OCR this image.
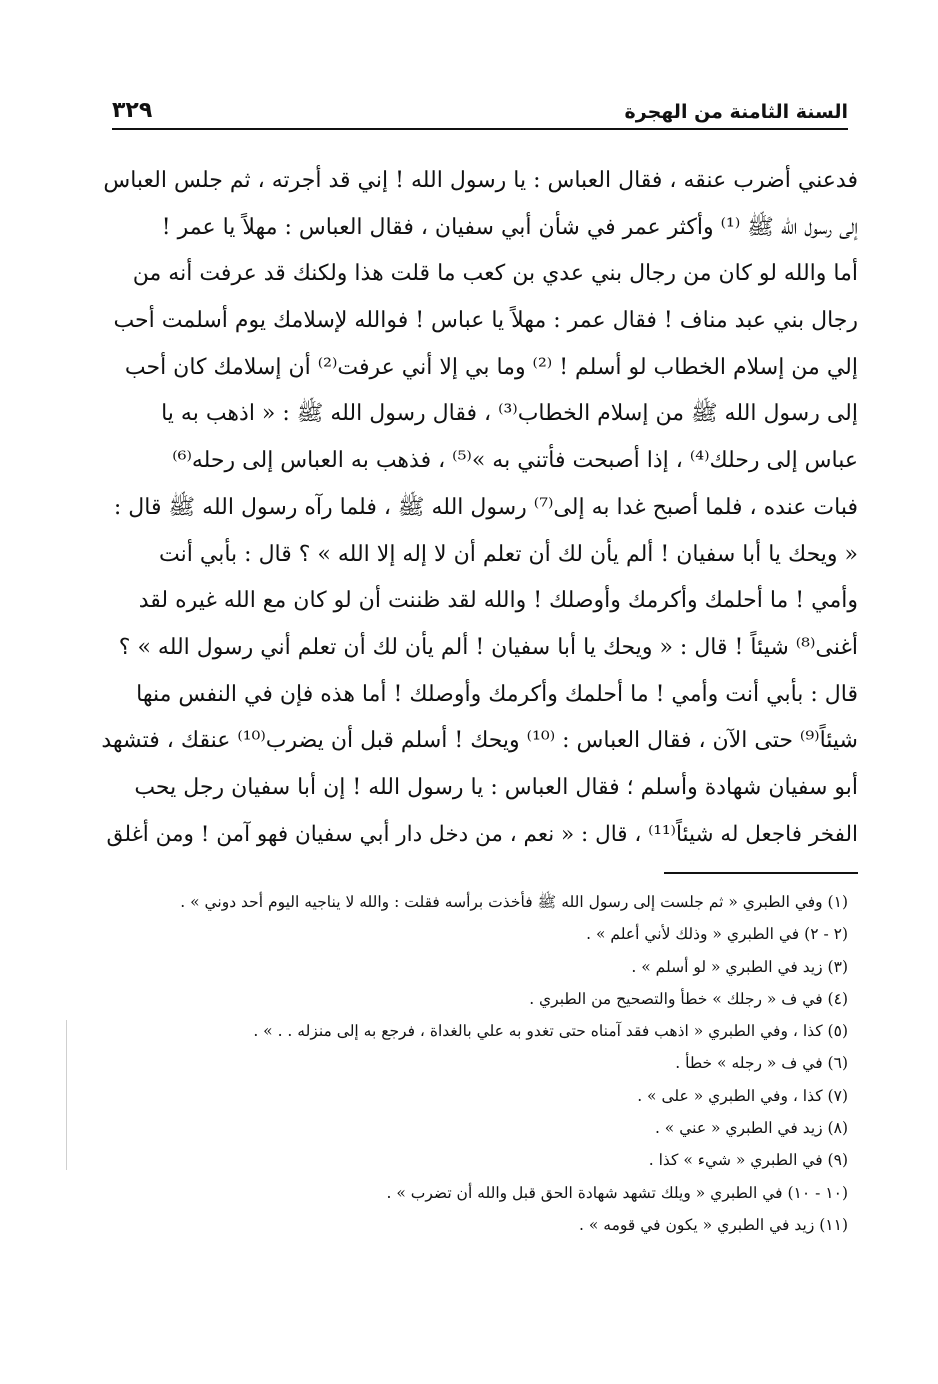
السنة الثامنة من الهجرة
٣٢٩
فدعني أضرب عنقه ، فقال العباس : يا رسول الله ! إني قد أجرته ، ثم جلس العباس
إلى رسول الله ﷺ ⁽¹⁾ وأكثر عمر في شأن أبي سفيان ، فقال العباس : مهلاً يا عمر !
أما والله لو كان من رجال بني عدي بن كعب ما قلت هذا ولكنك قد عرفت أنه من
رجال بني عبد مناف ! فقال عمر : مهلاً يا عباس ! فوالله لإسلامك يوم أسلمت أحب
إلي من إسلام الخطاب لو أسلم ! ⁽²⁾ وما بي إلا أني عرفت⁽²⁾ أن إسلامك كان أحب
إلى رسول الله ﷺ من إسلام الخطاب⁽³⁾ ، فقال رسول الله ﷺ : « اذهب به يا
عباس إلى رحلك⁽⁴⁾ ، إذا أصبحت فأتني به »⁽⁵⁾ ، فذهب به العباس إلى رحله⁽⁶⁾
فبات عنده ، فلما أصبح غدا به إلى⁽⁷⁾ رسول الله ﷺ ، فلما رآه رسول الله ﷺ قال :
« ويحك يا أبا سفيان ! ألم يأن لك أن تعلم أن لا إله إلا الله » ؟ قال : بأبي أنت
وأمي ! ما أحلمك وأكرمك وأوصلك ! والله لقد ظننت أن لو كان مع الله غيره لقد
أغنى⁽⁸⁾ شيئاً ! قال : « ويحك يا أبا سفيان ! ألم يأن لك أن تعلم أني رسول الله » ؟
قال : بأبي أنت وأمي ! ما أحلمك وأكرمك وأوصلك ! أما هذه فإن في النفس منها
شيئاً⁽⁹⁾ حتى الآن ، فقال العباس : ⁽¹⁰⁾ ويحك ! أسلم قبل أن يضرب⁽¹⁰⁾ عنقك ، فتشهد
أبو سفيان شهادة وأسلم ؛ فقال العباس : يا رسول الله ! إن أبا سفيان رجل يحب
الفخر فاجعل له شيئاً⁽¹¹⁾ ، قال : « نعم ، من دخل دار أبي سفيان فهو آمن ! ومن أغلق
(١) وفي الطبري « ثم جلست إلى رسول الله ﷺ فأخذت برأسه فقلت : والله لا يناجيه اليوم أحد دوني » .
(٢ - ٢) في الطبري « وذلك لأني أعلم » .
(٣) زيد في الطبري « لو أسلم » .
(٤) في ف « رجلك » خطأ والتصحيح من الطبري .
(٥) كذا ، وفي الطبري « اذهب فقد آمناه حتى تغدو به علي بالغداة ، فرجع به إلى منزله . . » .
(٦) في ف « رجله » خطأ .
(٧) كذا ، وفي الطبري « على » .
(٨) زيد في الطبري « عني » .
(٩) في الطبري « شيء » كذا .
(١٠ - ١٠) في الطبري « ويلك تشهد شهادة الحق قبل والله أن تضرب » .
(١١) زيد في الطبري « يكون في قومه » .
